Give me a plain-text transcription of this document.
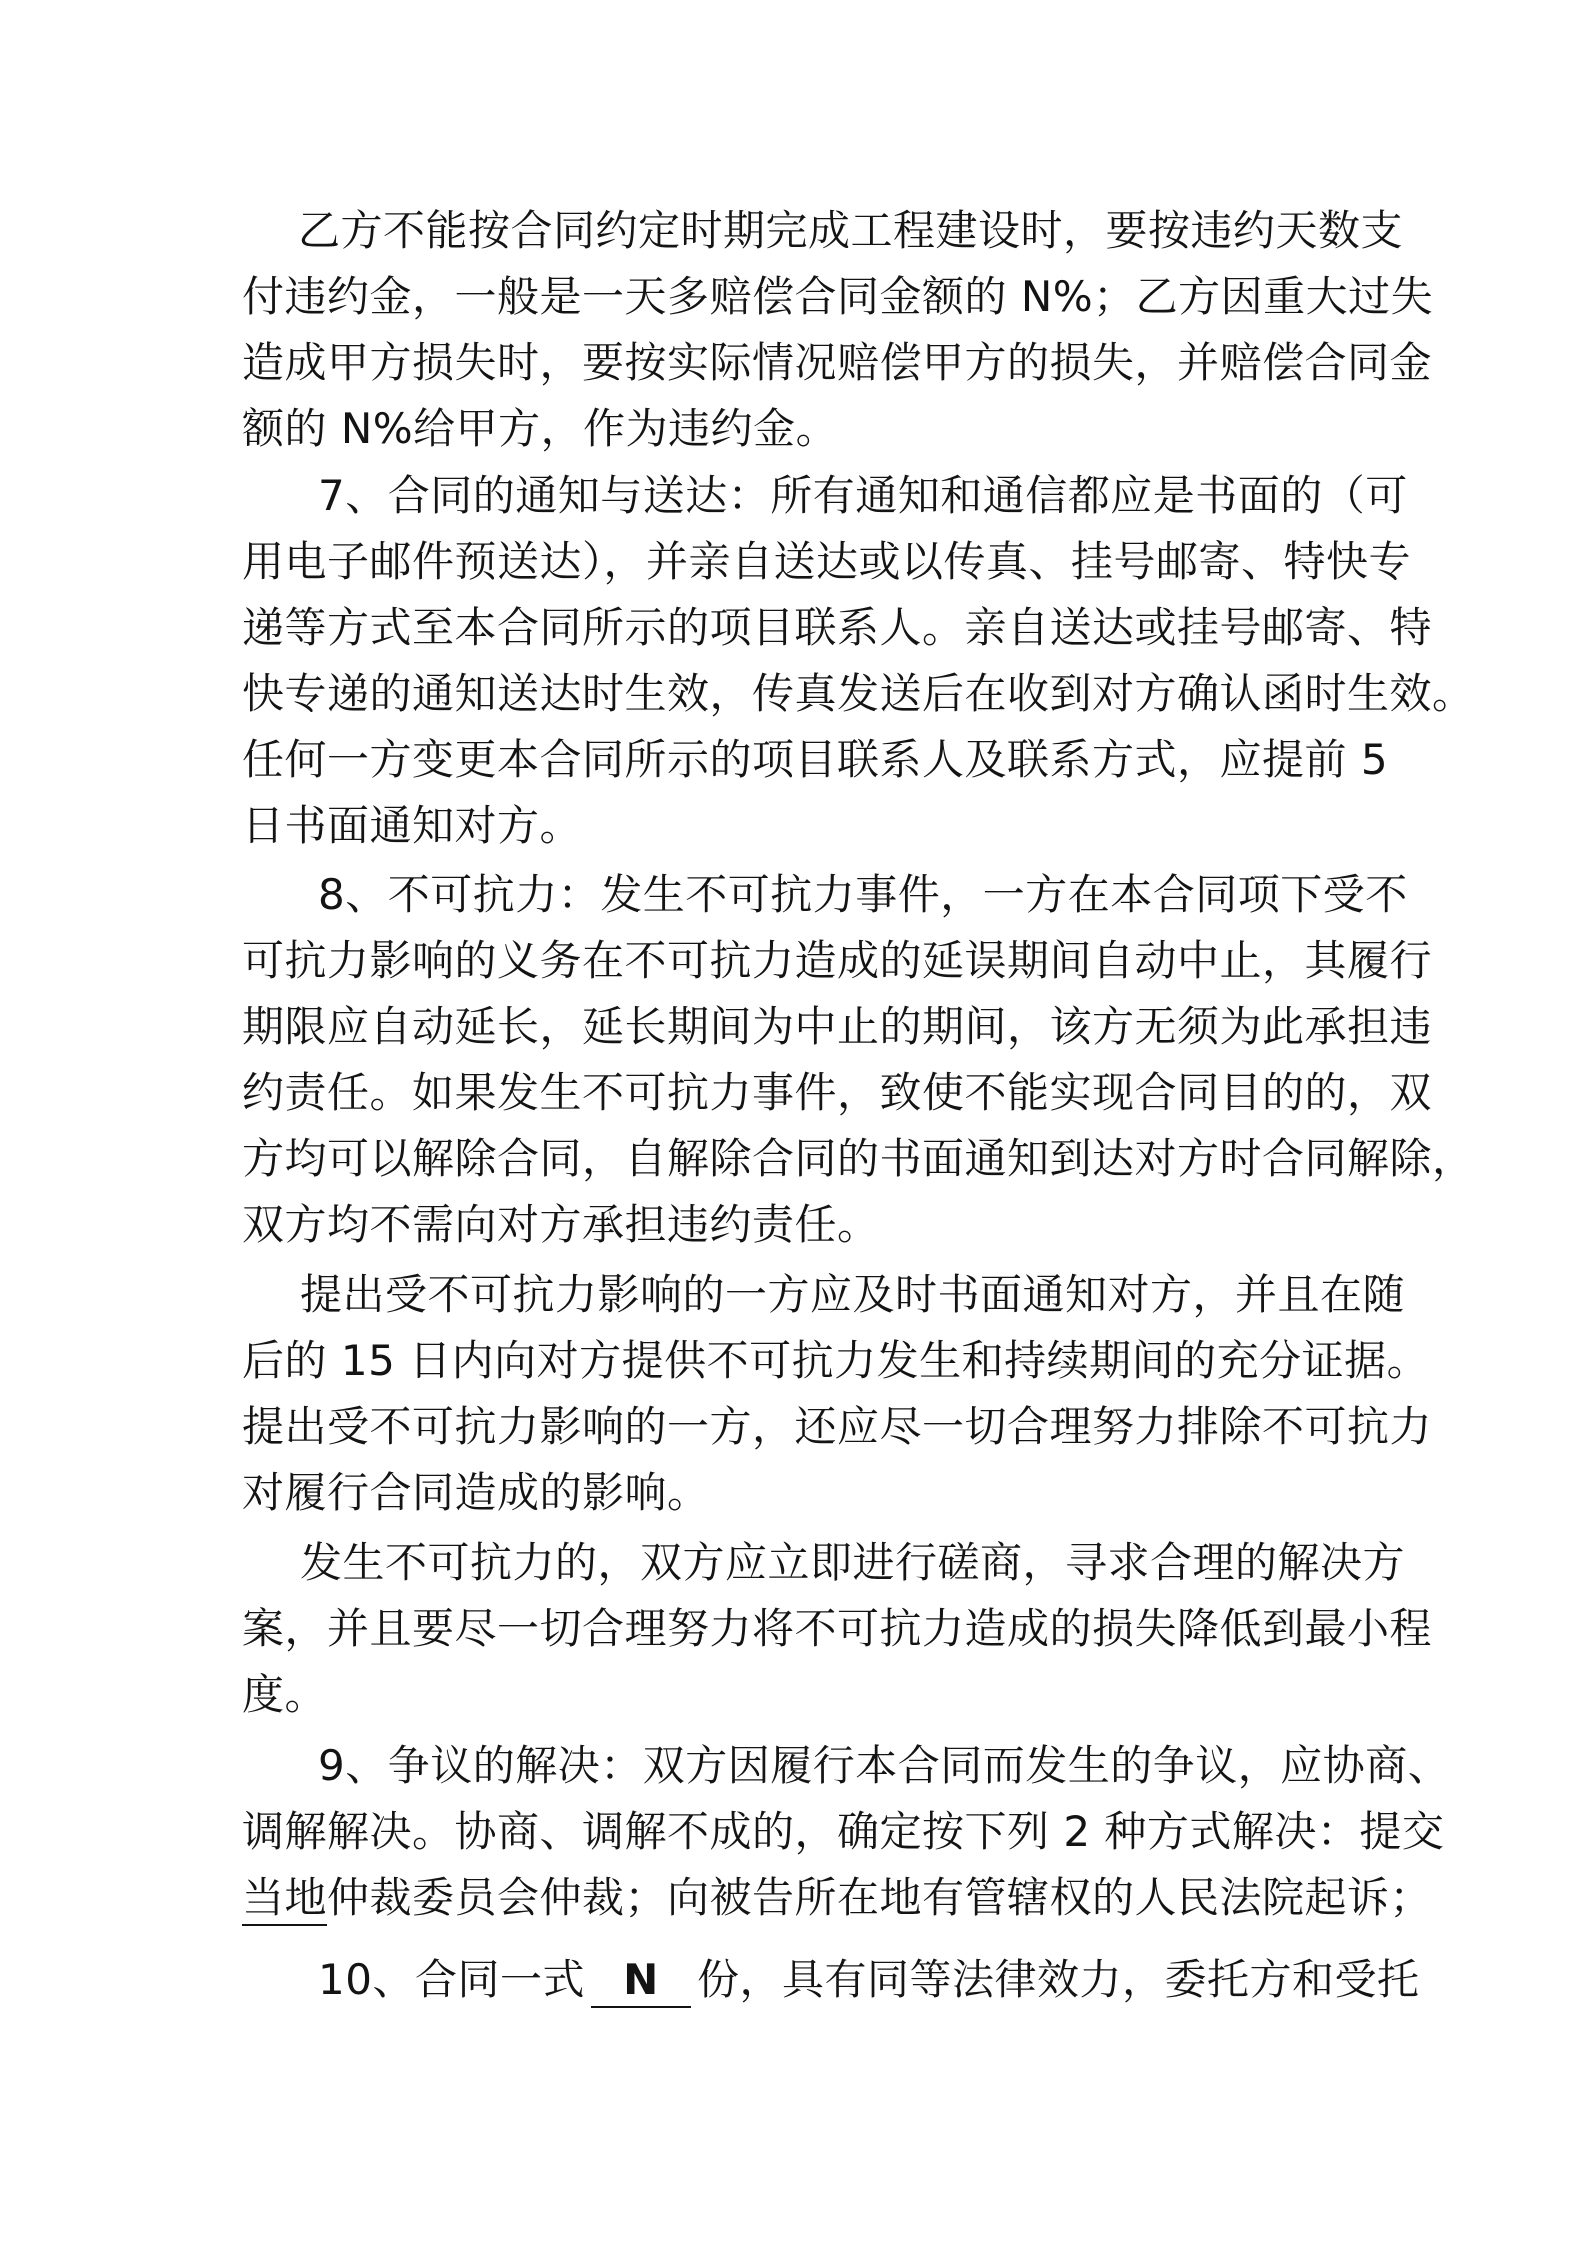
乙方不能按合同约定时期完成工程建设时，要按违约天数支
付违约金，一般是一天多赔偿合同金额的 N%；乙方因重大过失
造成甲方损失时，要按实际情况赔偿甲方的损失，并赔偿合同金
额的 N%给甲方，作为违约金。
7、合同的通知与送达：所有通知和通信都应是书面的（可
用电子邮件预送达），并亲自送达或以传真、挂号邮寄、特快专
递等方式至本合同所示的项目联系人。亲自送达或挂号邮寄、特
快专递的通知送达时生效，传真发送后在收到对方确认函时生效。
任何一方变更本合同所示的项目联系人及联系方式，应提前 5
日书面通知对方。
8、不可抗力：发生不可抗力事件，一方在本合同项下受不
可抗力影响的义务在不可抗力造成的延误期间自动中止，其履行
期限应自动延长，延长期间为中止的期间，该方无须为此承担违
约责任。如果发生不可抗力事件，致使不能实现合同目的的，双
方均可以解除合同，自解除合同的书面通知到达对方时合同解除，
双方均不需向对方承担违约责任。
提出受不可抗力影响的一方应及时书面通知对方，并且在随
后的 15 日内向对方提供不可抗力发生和持续期间的充分证据。
提出受不可抗力影响的一方，还应尽一切合理努力排除不可抗力
对履行合同造成的影响。
发生不可抗力的，双方应立即进行磋商，寻求合理的解决方
案，并且要尽一切合理努力将不可抗力造成的损失降低到最小程
度。
9、争议的解决：双方因履行本合同而发生的争议，应协商、
调解解决。协商、调解不成的，确定按下列 2 种方式解决：提交
当地仲裁委员会仲裁；向被告所在地有管辖权的人民法院起诉；
10、合同一式 N 份，具有同等法律效力，委托方和受托
